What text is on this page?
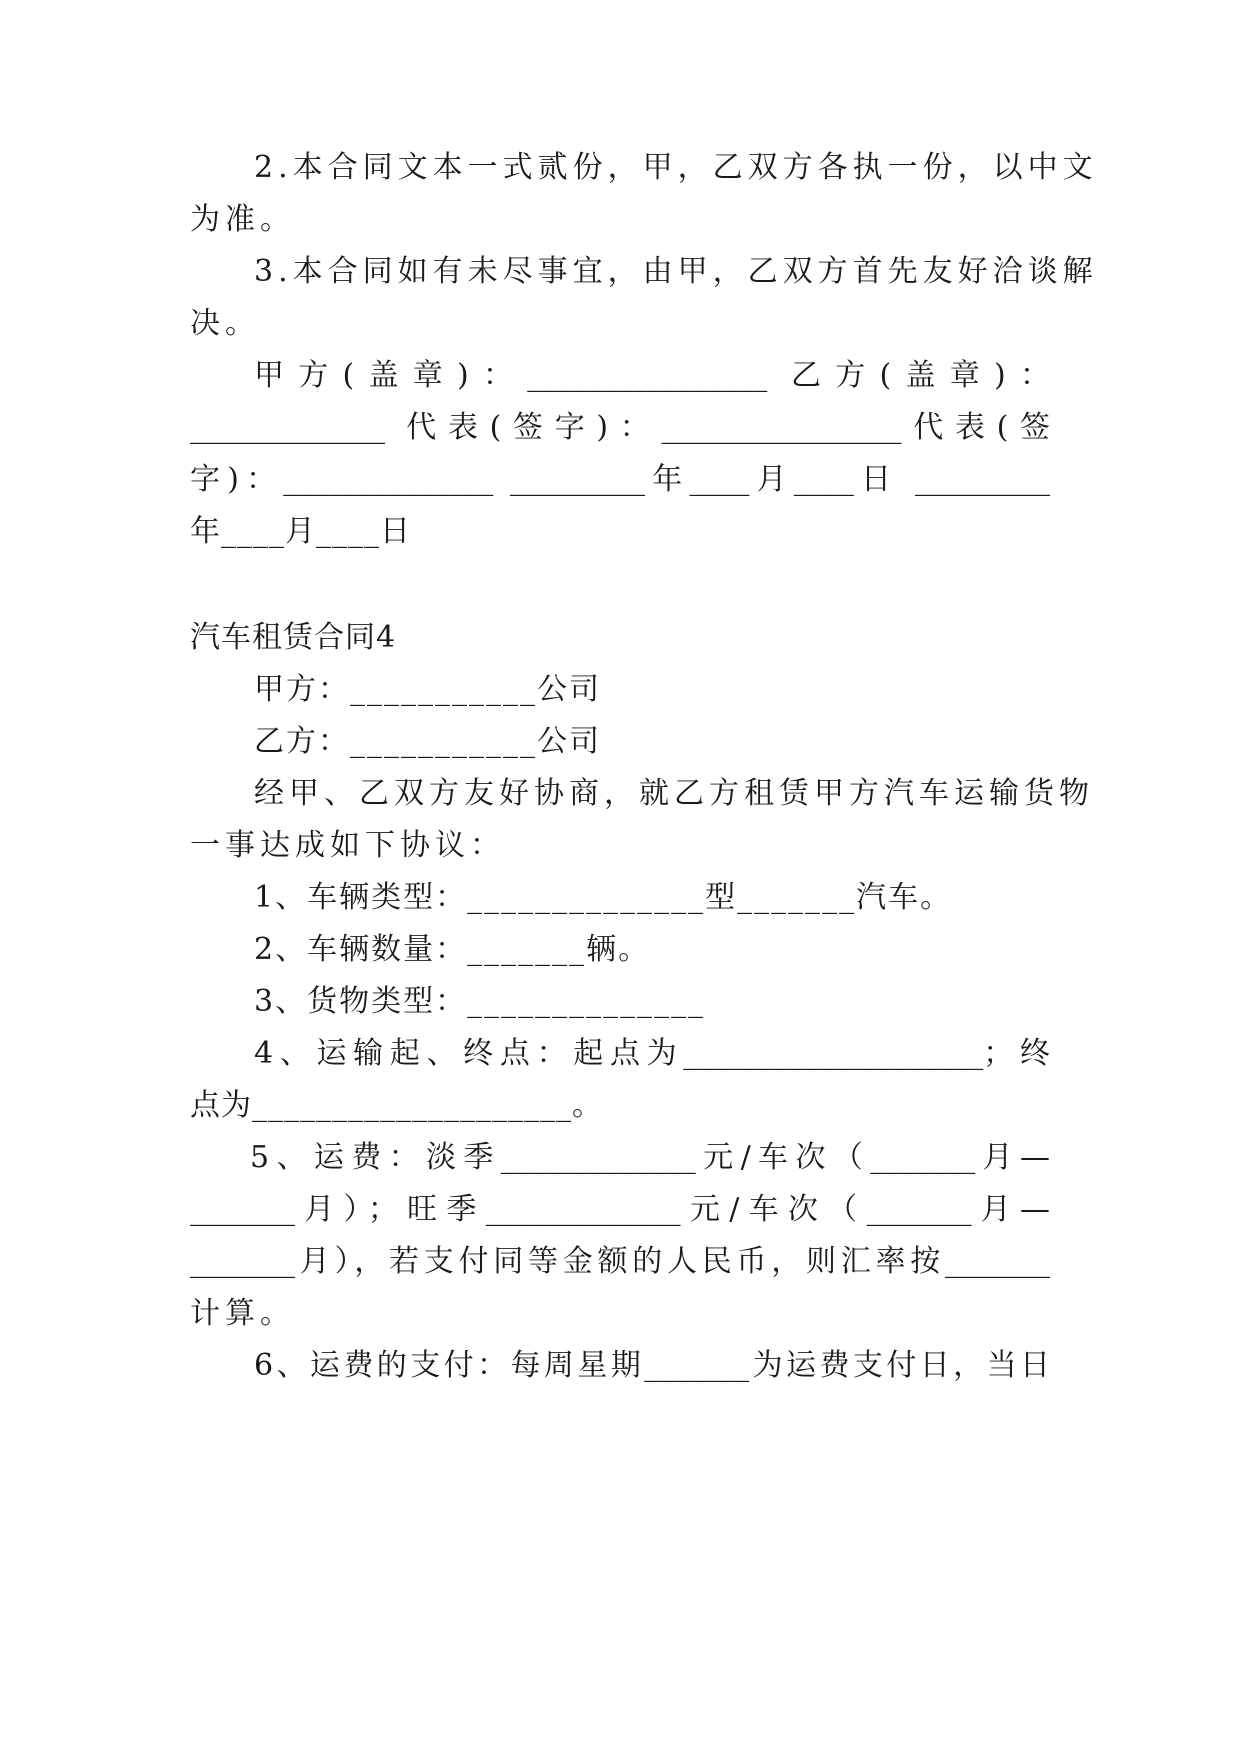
2.本合同文本一式贰份，甲，乙双方各执一份，以中文
为准。
3.本合同如有未尽事宜，由甲，乙双方首先友好洽谈解
决。
甲方(盖章)：________________ 乙方(盖章)：
_____________ 代表(签字)：________________代表(签
字)：______________ _________年____月____日 _________
年____月____日
汽车租赁合同4
甲方：___________公司
乙方：___________公司
经甲、乙双方友好协商，就乙方租赁甲方汽车运输货物
一事达成如下协议：
1、车辆类型：______________型_______汽车。
2、车辆数量：_______辆。
3、货物类型：______________
4、运输起、终点：起点为____________________；终
点为____________________。
5、运费：淡季_____________元/车次（_______月—
_______月）；旺季_____________元/车次（_______月—
_______月），若支付同等金额的人民币，则汇率按_______
计算。
6、运费的支付：每周星期_______为运费支付日，当日
